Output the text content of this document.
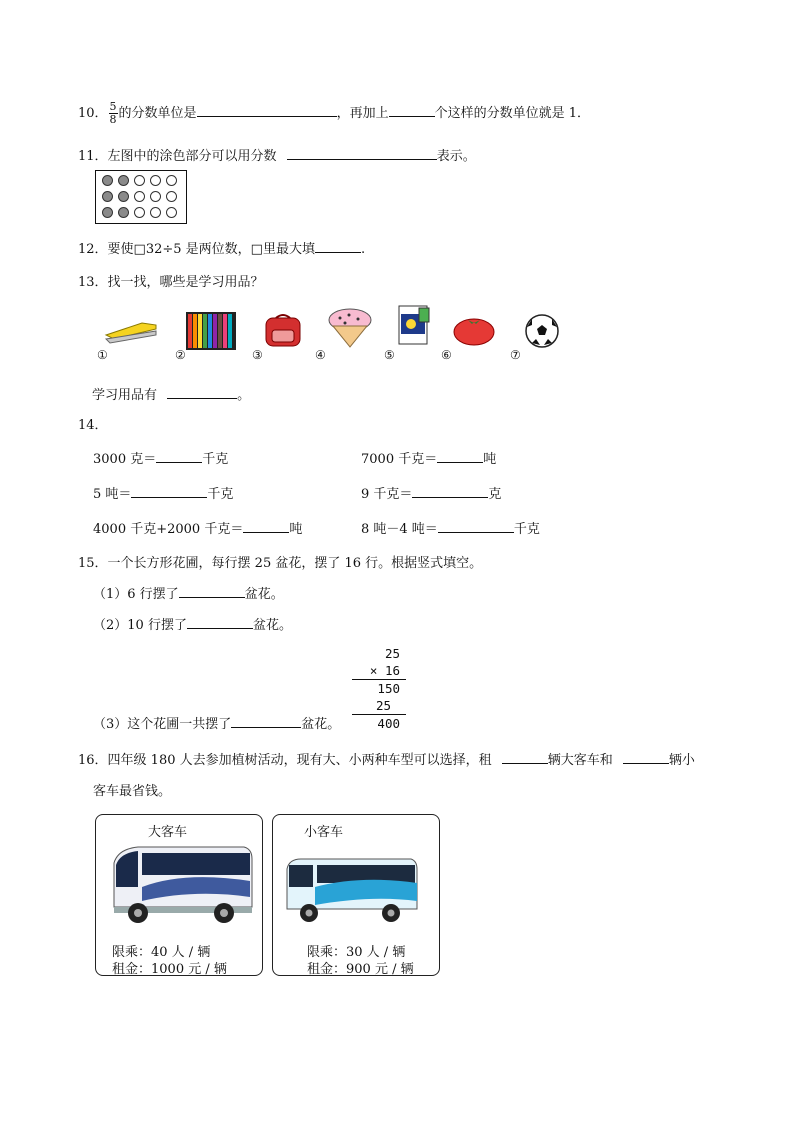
10． $\frac{5}{8}$ 的分数单位是	，再加上	个这样的分数单位就是 1．
11．左图中的涂色部分可以用分数	表示。
12．要使□32÷5 是两位数，□里最大填	.
13．找一找，哪些是学习用品？
①	②	③	④	⑤	⑥	⑦
学习用品有	。
14．
3000 克＝	千克	7000 千克＝	吨
5 吨＝	千克	9 千克＝	克
4000 千克+2000 千克＝	吨	8 吨－4 吨＝	千克
15．一个长方形花圃，每行摆 25 盆花，摆了 16 行。根据竖式填空。
（1）6 行摆了	盆花。
（2）10 行摆了	盆花。
25
× 16
150
25
400
（3）这个花圃一共摆了	盆花。
16．四年级 180 人去参加植树活动，现有大、小两种车型可以选择，租	辆大客车和	辆小
客车最省钱。
大客车
限乘：40 人 / 辆
租金：1000 元 / 辆
小客车
限乘：30 人 / 辆
租金：900 元 / 辆
